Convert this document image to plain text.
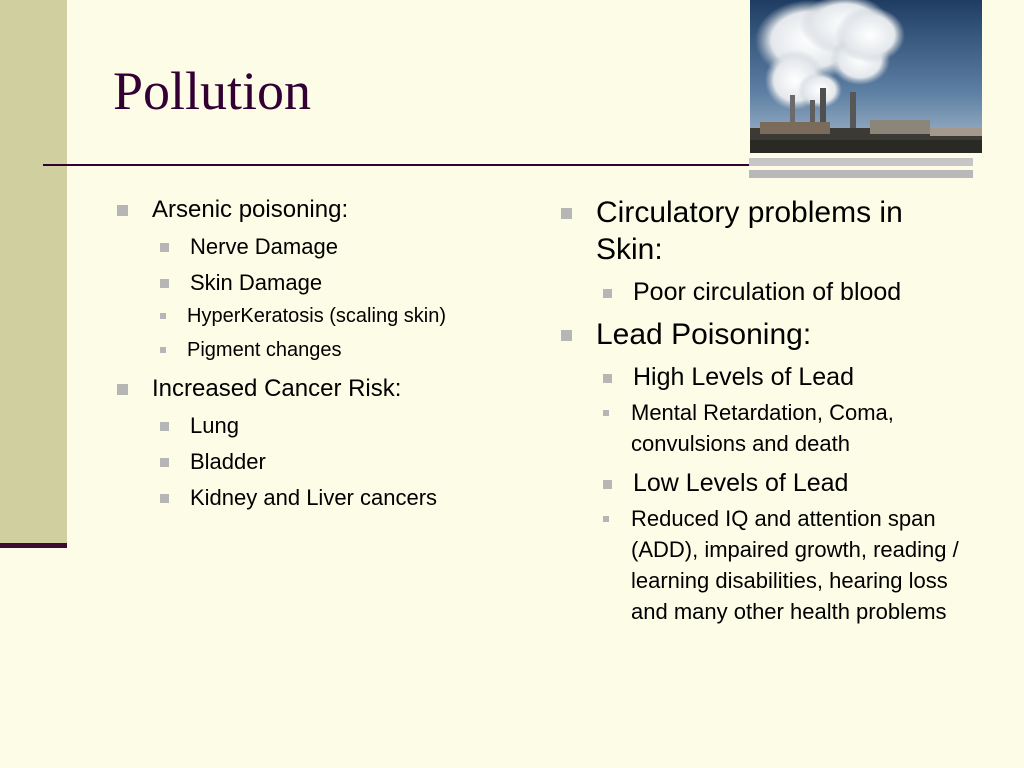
Pollution
Arsenic poisoning:
Nerve Damage
Skin Damage
HyperKeratosis (scaling skin)
Pigment changes
Increased Cancer Risk:
Lung
Bladder
Kidney and Liver cancers
Circulatory problems in Skin:
Poor circulation of blood
Lead Poisoning:
High Levels of Lead
Mental Retardation, Coma, convulsions and death
Low Levels of Lead
Reduced IQ and attention span (ADD), impaired growth, reading / learning disabilities, hearing loss and many other health problems
